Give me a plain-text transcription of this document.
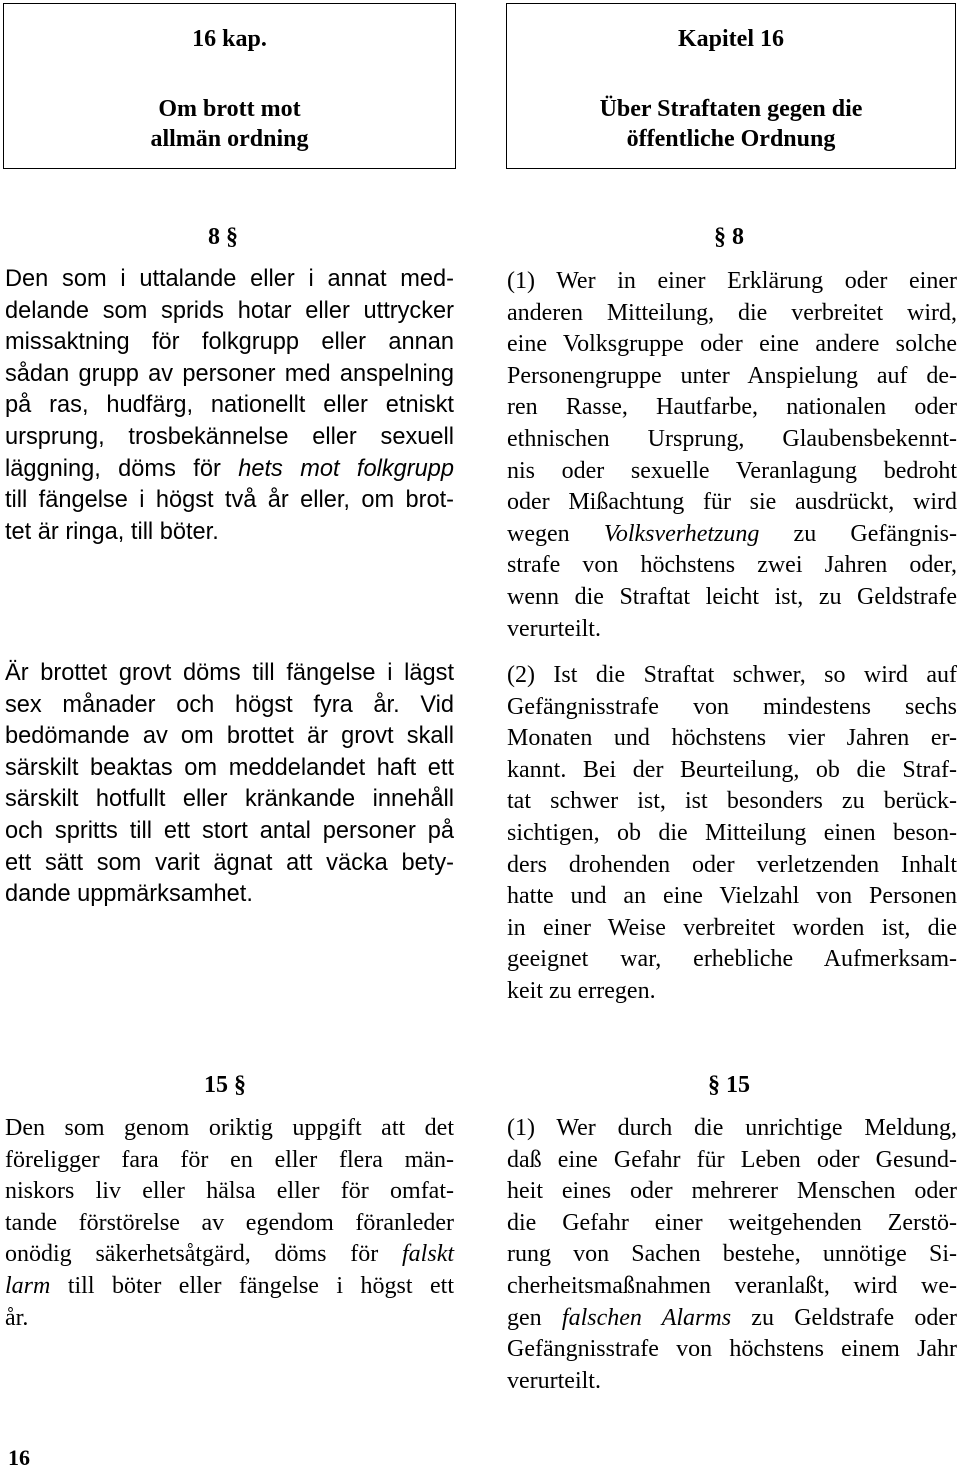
16 kap.
Om brott mot
allmän ordning
Kapitel 16
Über Straftaten gegen die
öffentliche Ordnung
8 §	§ 8
Den som i uttalande eller i annat med-
delande som sprids hotar eller uttrycker
missaktning för folkgrupp eller annan
sådan grupp av personer med anspelning
på ras, hudfärg, nationellt eller etniskt
ursprung, trosbekännelse eller sexuell
läggning, döms för hets mot folkgrupp
till fängelse i högst två år eller, om brot-
tet är ringa, till böter.
Är brottet grovt döms till fängelse i lägst
sex månader och högst fyra år. Vid
bedömande av om brottet är grovt skall
särskilt beaktas om meddelandet haft ett
särskilt hotfullt eller kränkande innehåll
och spritts till ett stort antal personer på
ett sätt som varit ägnat att väcka bety-
dande uppmärksamhet.
(1) Wer in einer Erklärung oder einer
anderen Mitteilung, die verbreitet wird,
eine Volksgruppe oder eine andere solche
Personengruppe unter Anspielung auf de-
ren Rasse, Hautfarbe, nationalen oder
ethnischen Ursprung, Glaubensbekennt-
nis oder sexuelle Veranlagung bedroht
oder Mißachtung für sie ausdrückt, wird
wegen Volksverhetzung zu Gefängnis-
strafe von höchstens zwei Jahren oder,
wenn die Straftat leicht ist, zu Geldstrafe
verurteilt.
(2) Ist die Straftat schwer, so wird auf
Gefängnisstrafe von mindestens sechs
Monaten und höchstens vier Jahren er-
kannt. Bei der Beurteilung, ob die Straf-
tat schwer ist, ist besonders zu berück-
sichtigen, ob die Mitteilung einen beson-
ders drohenden oder verletzenden Inhalt
hatte und an eine Vielzahl von Personen
in einer Weise verbreitet worden ist, die
geeignet war, erhebliche Aufmerksam-
keit zu erregen.
15 §	§ 15
Den som genom oriktig uppgift att det
föreligger fara för en eller flera män-
niskors liv eller hälsa eller för omfat-
tande förstörelse av egendom föranleder
onödig säkerhetsåtgärd, döms för falskt
larm till böter eller fängelse i högst ett
år.
(1) Wer durch die unrichtige Meldung,
daß eine Gefahr für Leben oder Gesund-
heit eines oder mehrerer Menschen oder
die Gefahr einer weitgehenden Zerstö-
rung von Sachen bestehe, unnötige Si-
cherheitsmaßnahmen veranlaßt, wird we-
gen falschen Alarms zu Geldstrafe oder
Gefängnisstrafe von höchstens einem Jahr
verurteilt.
16
